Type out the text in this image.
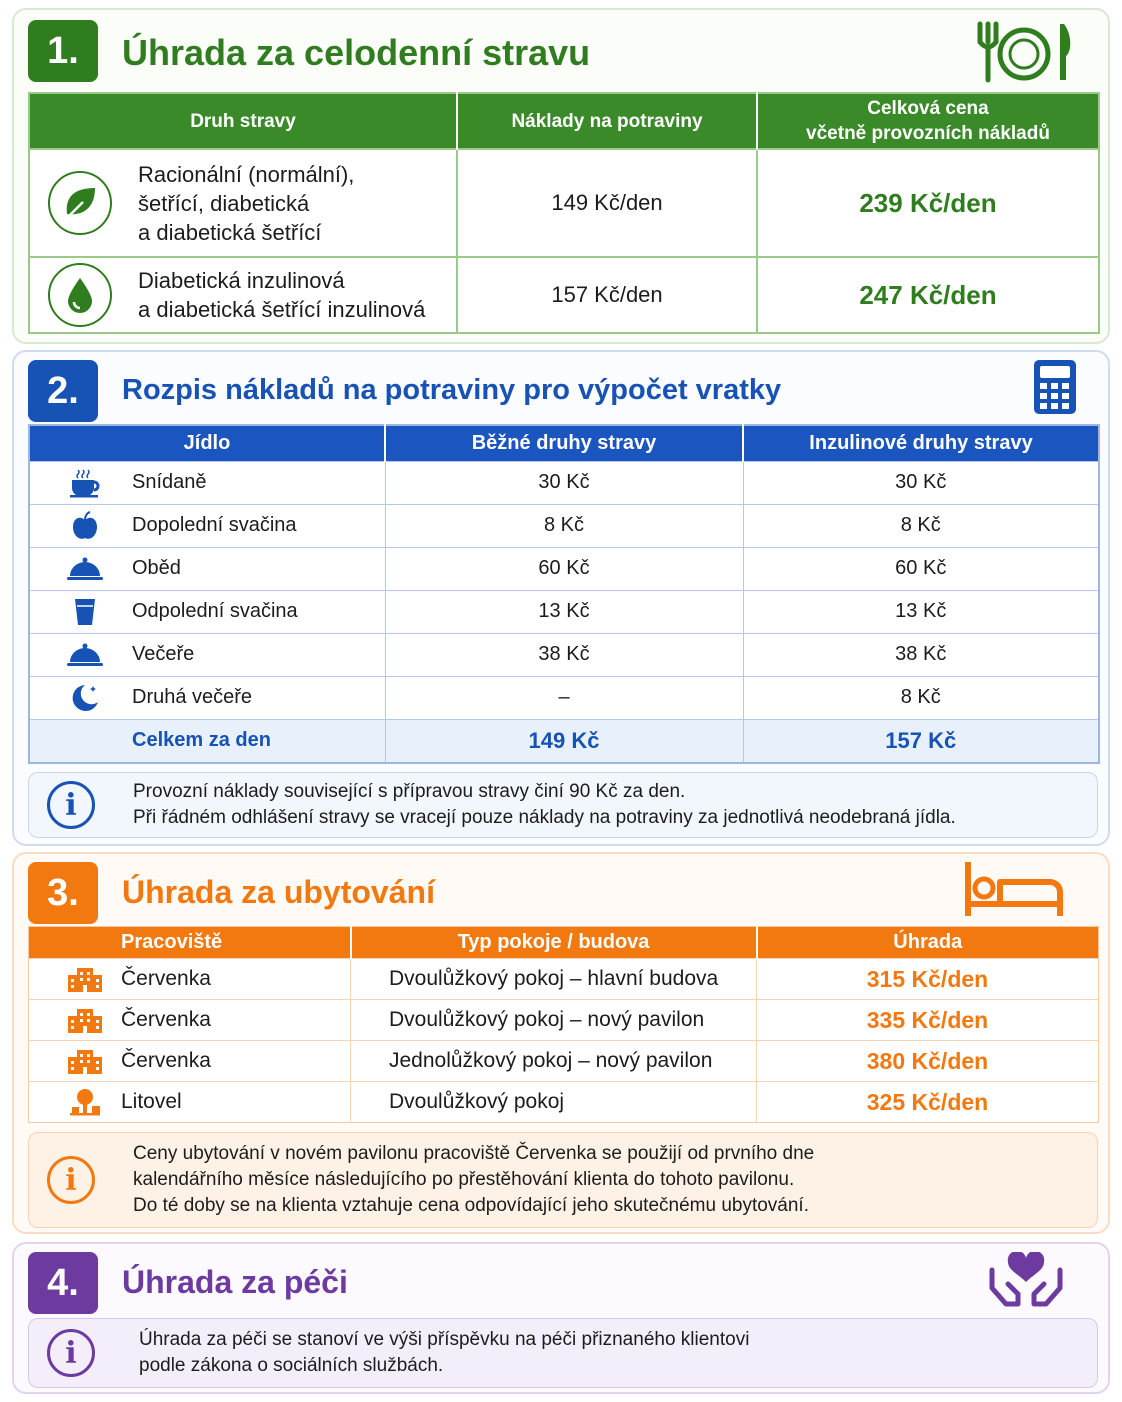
1.	Úhrada za celodenní stravu
Druh stravy	Náklady na potraviny	Celková cena
včetně provozních nákladů

Racionální (normální),
šetřící, diabetická
a diabetická šetřící	149 Kč/den	239 Kč/den

Diabetická inzulinová
a diabetická šetřící inzulinová	157 Kč/den	247 Kč/den
2.	Rozpis nákladů na potraviny pro výpočet vratky
Jídlo	Běžné druhy stravy	Inzulinové druhy stravy

Snídaně	30 Kč	30 Kč

Dopolední svačina	8 Kč	8 Kč

Oběd	60 Kč	60 Kč

Odpolední svačina	13 Kč	13 Kč

Večeře	38 Kč	38 Kč

Druhá večeře	–	8 Kč
Celkem za den	149 Kč	157 Kč
i	Provozní náklady související s přípravou stravy činí 90 Kč za den.
Při řádném odhlášení stravy se vracejí pouze náklady na potraviny za jednotlivá neodebraná jídla.
3.	Úhrada za ubytování
Pracoviště	Typ pokoje / budova	Úhrada

Červenka	Dvoulůžkový pokoj – hlavní budova	315 Kč/den

Červenka	Dvoulůžkový pokoj – nový pavilon	335 Kč/den

Červenka	Jednolůžkový pokoj – nový pavilon	380 Kč/den

Litovel	Dvoulůžkový pokoj	325 Kč/den
i
Ceny ubytování v novém pavilonu pracoviště Červenka se použijí od prvního dne
kalendářního měsíce následujícího po přestěhování klienta do tohoto pavilonu.
Do té doby se na klienta vztahuje cena odpovídající jeho skutečnému ubytování.
4.	Úhrada za péči
i	Úhrada za péči se stanoví ve výši příspěvku na péči přiznaného klientovi
podle zákona o sociálních službách.
